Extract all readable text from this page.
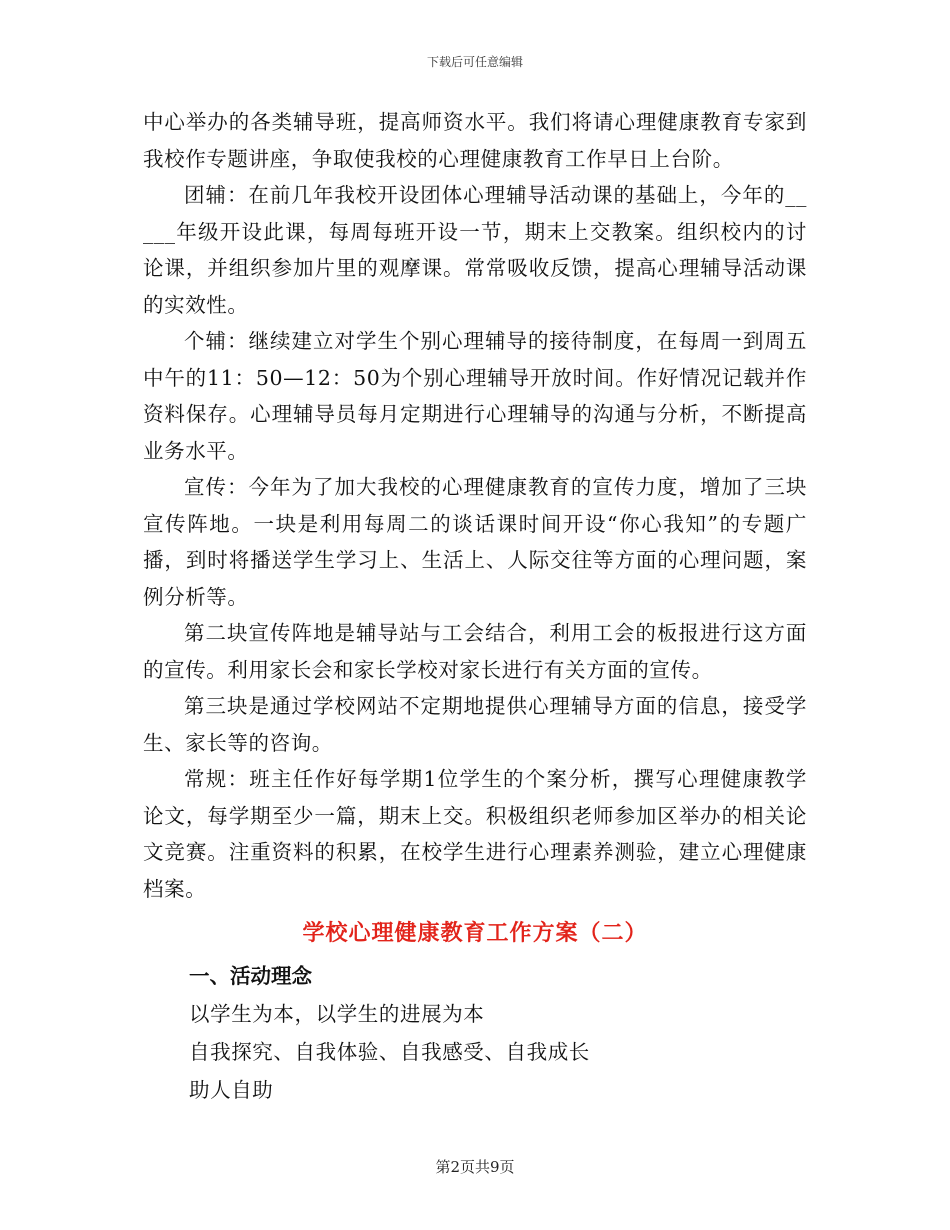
下载后可任意编辑

中心举办的各类辅导班，提高师资水平。我们将请心理健康教育专家到我校作专题讲座，争取使我校的心理健康教育工作早日上台阶。

团辅：在前几年我校开设团体心理辅导活动课的基础上，今年的_____年级开设此课，每周每班开设一节，期末上交教案。组织校内的讨论课，并组织参加片里的观摩课。常常吸收反馈，提高心理辅导活动课的实效性。

个辅：继续建立对学生个别心理辅导的接待制度，在每周一到周五中午的11：50—12：50为个别心理辅导开放时间。作好情况记载并作资料保存。心理辅导员每月定期进行心理辅导的沟通与分析，不断提高业务水平。

宣传：今年为了加大我校的心理健康教育的宣传力度，增加了三块宣传阵地。一块是利用每周二的谈话课时间开设“你心我知”的专题广播，到时将播送学生学习上、生活上、人际交往等方面的心理问题，案例分析等。

第二块宣传阵地是辅导站与工会结合，利用工会的板报进行这方面的宣传。利用家长会和家长学校对家长进行有关方面的宣传。

第三块是通过学校网站不定期地提供心理辅导方面的信息，接受学生、家长等的咨询。

常规：班主任作好每学期1位学生的个案分析，撰写心理健康教学论文，每学期至少一篇，期末上交。积极组织老师参加区举办的相关论文竞赛。注重资料的积累，在校学生进行心理素养测验，建立心理健康档案。

学校心理健康教育工作方案（二）
一、活动理念

以学生为本，以学生的进展为本

自我探究、自我体验、自我感受、自我成长

助人自助

第2页共9页
